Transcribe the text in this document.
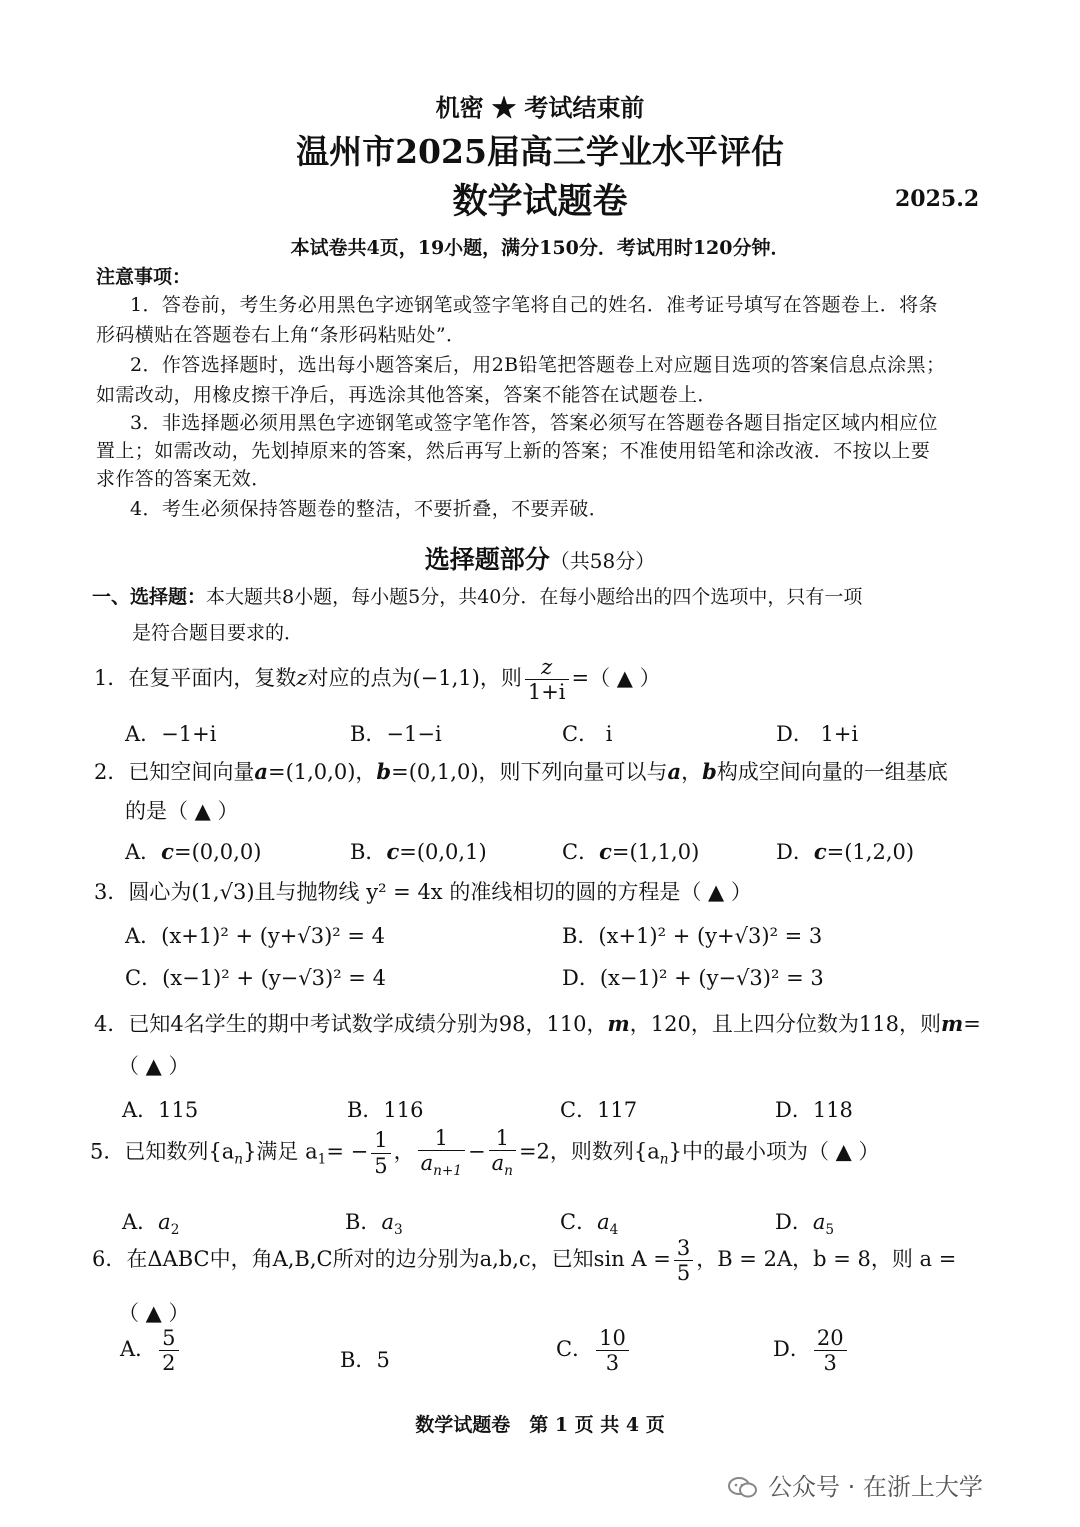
机密 ★ 考试结束前
温州市2025届高三学业水平评估
数学试题卷	2025.2
本试卷共4页，19小题，满分150分．考试用时120分钟．
注意事项：
1．答卷前，考生务必用黑色字迹钢笔或签字笔将自己的姓名．准考证号填写在答题卷上．将条
形码横贴在答题卷右上角“条形码粘贴处”．
2．作答选择题时，选出每小题答案后，用2B铅笔把答题卷上对应题目选项的答案信息点涂黑；
如需改动，用橡皮擦干净后，再选涂其他答案，答案不能答在试题卷上．
3．非选择题必须用黑色字迹钢笔或签字笔作答，答案必须写在答题卷各题目指定区域内相应位
置上；如需改动，先划掉原来的答案，然后再写上新的答案；不准使用铅笔和涂改液．不按以上要
求作答的答案无效．
4．考生必须保持答题卷的整洁，不要折叠，不要弄破．
选择题部分（共58分）
一、选择题：本大题共8小题，每小题5分，共40分．在每小题给出的四个选项中，只有一项
是符合题目要求的．
1．在复平面内，复数z对应的点为(−1,1)，则 $\frac{z}{1+i}$ =（ ▲ ）
A．−1+i	B．−1−i	C． i	D． 1+i
2．已知空间向量a=(1,0,0)，b=(0,1,0)，则下列向量可以与a，b构成空间向量的一组基底
的是（ ▲ ）
A．c=(0,0,0)	B．c=(0,0,1)	C．c=(1,1,0)	D．c=(1,2,0)
3．圆心为(1,√3)且与抛物线 y² = 4x 的准线相切的圆的方程是（ ▲ ）
A．(x+1)² + (y+√3)² = 4	B．(x+1)² + (y+√3)² = 3
C．(x−1)² + (y−√3)² = 4	D．(x−1)² + (y−√3)² = 3
4．已知4名学生的期中考试数学成绩分别为98，110，m，120，且上四分位数为118，则m=
（ ▲ ）
A．115	B．116	C．117	D．118
5．已知数列$\{a_n\}$满足 $a_1= - \frac{1}{5}$ ， $\frac{1}{a_{n+1}} - \frac{1}{a_n} =2$，则数列$\{a_n\}$中的最小项为（ ▲ ）
A．$a_2$	B．$a_3$	C．$a_4$	D．$a_5$
6．在ΔABC中，角A,B,C所对的边分别为a,b,c，已知$\sin A = \frac{3}{5}$ ，B = 2A，b = 8，则 a =
（ ▲ ）
A． $\frac{5}{2}$	B．5	C． $\frac{10}{3}$	D． $\frac{20}{3}$
数学试题卷　第 1 页 共 4 页
公众号 · 在浙上大学
